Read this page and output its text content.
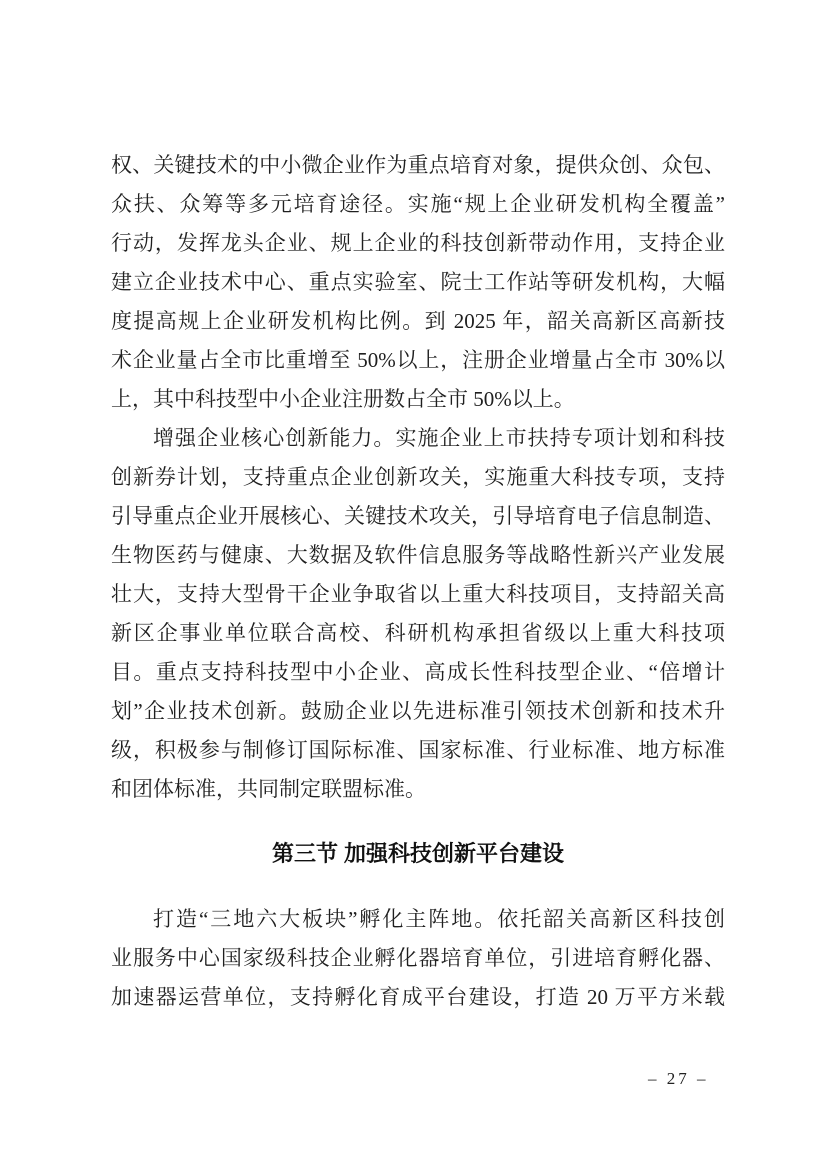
权、关键技术的中小微企业作为重点培育对象，提供众创、众包、
众扶、众筹等多元培育途径。实施“规上企业研发机构全覆盖”
行动，发挥龙头企业、规上企业的科技创新带动作用，支持企业
建立企业技术中心、重点实验室、院士工作站等研发机构，大幅
度提高规上企业研发机构比例。到 2025 年，韶关高新区高新技
术企业量占全市比重增至 50%以上，注册企业增量占全市 30%以
上，其中科技型中小企业注册数占全市 50%以上。
增强企业核心创新能力。实施企业上市扶持专项计划和科技
创新券计划，支持重点企业创新攻关，实施重大科技专项，支持
引导重点企业开展核心、关键技术攻关，引导培育电子信息制造、
生物医药与健康、大数据及软件信息服务等战略性新兴产业发展
壮大，支持大型骨干企业争取省以上重大科技项目，支持韶关高
新区企事业单位联合高校、科研机构承担省级以上重大科技项
目。重点支持科技型中小企业、高成长性科技型企业、“倍增计
划”企业技术创新。鼓励企业以先进标准引领技术创新和技术升
级，积极参与制修订国际标准、国家标准、行业标准、地方标准
和团体标准，共同制定联盟标准。
第三节 加强科技创新平台建设
打造“三地六大板块”孵化主阵地。依托韶关高新区科技创
业服务中心国家级科技企业孵化器培育单位，引进培育孵化器、
加速器运营单位，支持孵化育成平台建设，打造 20 万平方米载
– 27 –
